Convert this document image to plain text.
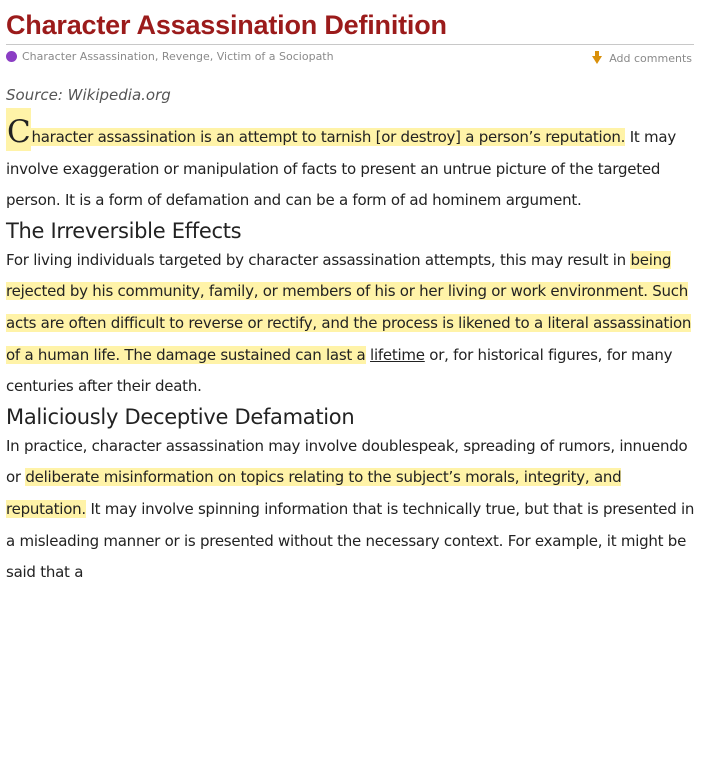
Character Assassination Definition
Character Assassination, Revenge, Victim of a Sociopath	Add comments
Source: Wikipedia.org

Character assassination is an attempt to tarnish [or destroy] a person’s reputation. It may involve exaggeration or manipulation of facts to present an untrue picture of the targeted person. It is a form of defamation and can be a form of ad hominem argument.

The Irreversible Effects

For living individuals targeted by character assassination attempts, this may result in being rejected by his community, family, or members of his or her living or work environment. Such acts are often difficult to reverse or rectify, and the process is likened to a literal assassination of a human life. The damage sustained can last a lifetime or, for historical figures, for many centuries after their death.

Maliciously Deceptive Defamation

In practice, character assassination may involve doublespeak, spreading of rumors, innuendo or deliberate misinformation on topics relating to the subject’s morals, integrity, and reputation. It may involve spinning information that is technically true, but that is presented in a misleading manner or is presented without the necessary context. For example, it might be said that a
